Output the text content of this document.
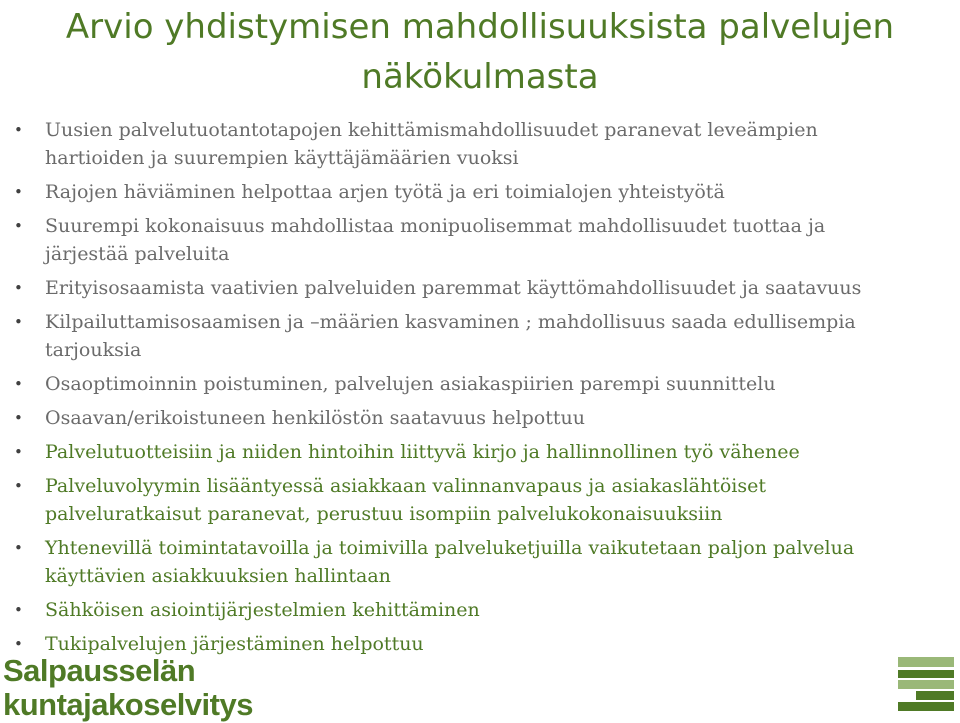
Arvio yhdistymisen mahdollisuuksista palvelujen
näkökulmasta
• Uusien palvelutuotantotapojen kehittämismahdollisuudet paranevat leveämpien hartioiden ja suurempien käyttäjämäärien vuoksi
• Rajojen häviäminen helpottaa arjen työtä ja eri toimialojen yhteistyötä
• Suurempi kokonaisuus mahdollistaa monipuolisemmat mahdollisuudet tuottaa ja järjestää palveluita
• Erityisosaamista vaativien palveluiden paremmat käyttömahdollisuudet ja saatavuus
• Kilpailuttamisosaamisen ja –määrien kasvaminen ; mahdollisuus saada edullisempia tarjouksia
• Osaoptimoinnin poistuminen, palvelujen asiakaspiirien parempi suunnittelu
• Osaavan/erikoistuneen henkilöstön saatavuus helpottuu
• Palvelutuotteisiin ja niiden hintoihin liittyvä kirjo ja hallinnollinen työ vähenee
• Palveluvolyymin lisääntyessä asiakkaan valinnanvapaus ja asiakaslähtöiset palveluratkaisut paranevat, perustuu isompiin palvelukokonaisuuksiin
• Yhtenevillä toimintatavoilla ja toimivilla palveluketjuilla vaikutetaan paljon palvelua käyttävien asiakkuuksien hallintaan
• Sähköisen asiointijärjestelmien kehittäminen
• Tukipalvelujen järjestäminen helpottuu
Salpausselän
kuntajakoselvitys
